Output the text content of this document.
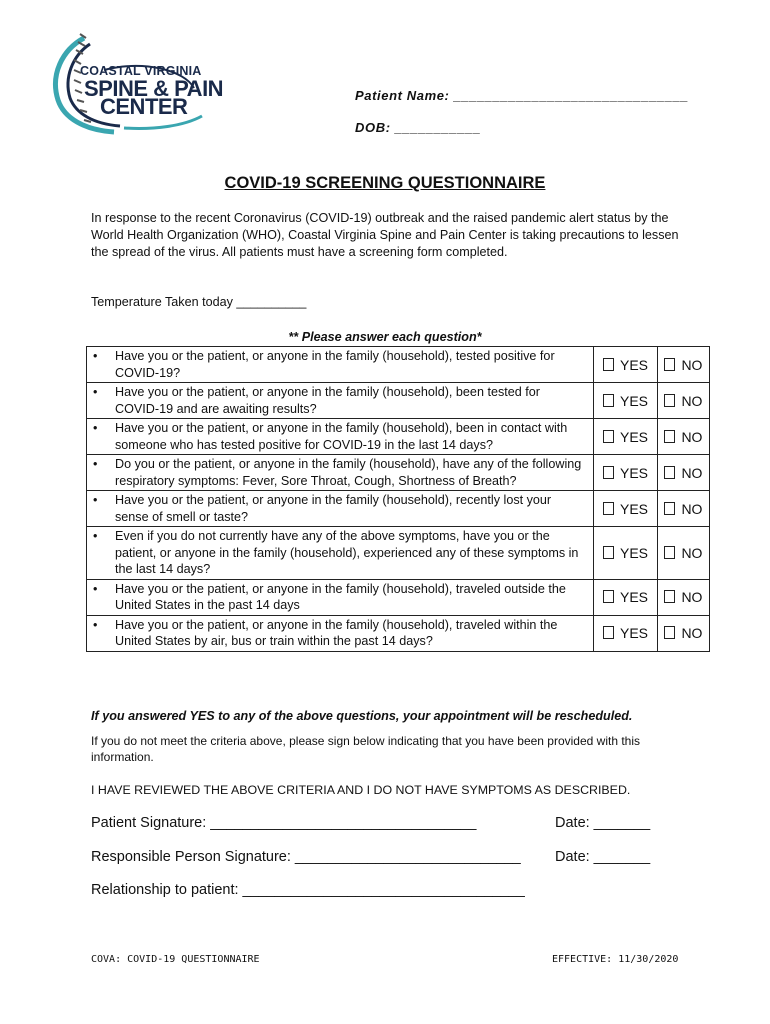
COASTAL VIRGINIA
SPINE & PAIN
CENTER	Patient Name: ______________________________
DOB: ___________
COVID-19 SCREENING QUESTIONNAIRE
In response to the recent Coronavirus (COVID-19) outbreak and the raised pandemic alert status by the World Health Organization (WHO), Coastal Virginia Spine and Pain Center is taking precautions to lessen the spread of the virus. All patients must have a screening form completed.
Temperature Taken today __________
** Please answer each question*
• Have you or the patient, or anyone in the family (household), tested positive for COVID-19?	YES	NO

• Have you or the patient, or anyone in the family (household), been tested for COVID-19 and are awaiting results?	YES	NO

• Have you or the patient, or anyone in the family (household), been in contact with someone who has tested positive for COVID-19 in the last 14 days?	YES	NO

• Do you or the patient, or anyone in the family (household), have any of the following respiratory symptoms: Fever, Sore Throat, Cough, Shortness of Breath?	YES	NO

• Have you or the patient, or anyone in the family (household), recently lost your sense of smell or taste?	YES	NO

• Even if you do not currently have any of the above symptoms, have you or the patient, or anyone in the family (household), experienced any of these symptoms in the last 14 days?	YES	NO

• Have you or the patient, or anyone in the family (household), traveled outside the United States in the past 14 days	YES	NO

• Have you or the patient, or anyone in the family (household), traveled within the United States by air, bus or train within the past 14 days?	YES	NO
If you answered YES to any of the above questions, your appointment will be rescheduled.
If you do not meet the criteria above, please sign below indicating that you have been provided with this information.
I HAVE REVIEWED THE ABOVE CRITERIA AND I DO NOT HAVE SYMPTOMS AS DESCRIBED.
Patient Signature: _________________________________	Date: _______
Responsible Person Signature: ____________________________ Date: _______
Relationship to patient: ___________________________________
COVA: COVID-19 QUESTIONNAIRE	EFFECTIVE: 11/30/2020
